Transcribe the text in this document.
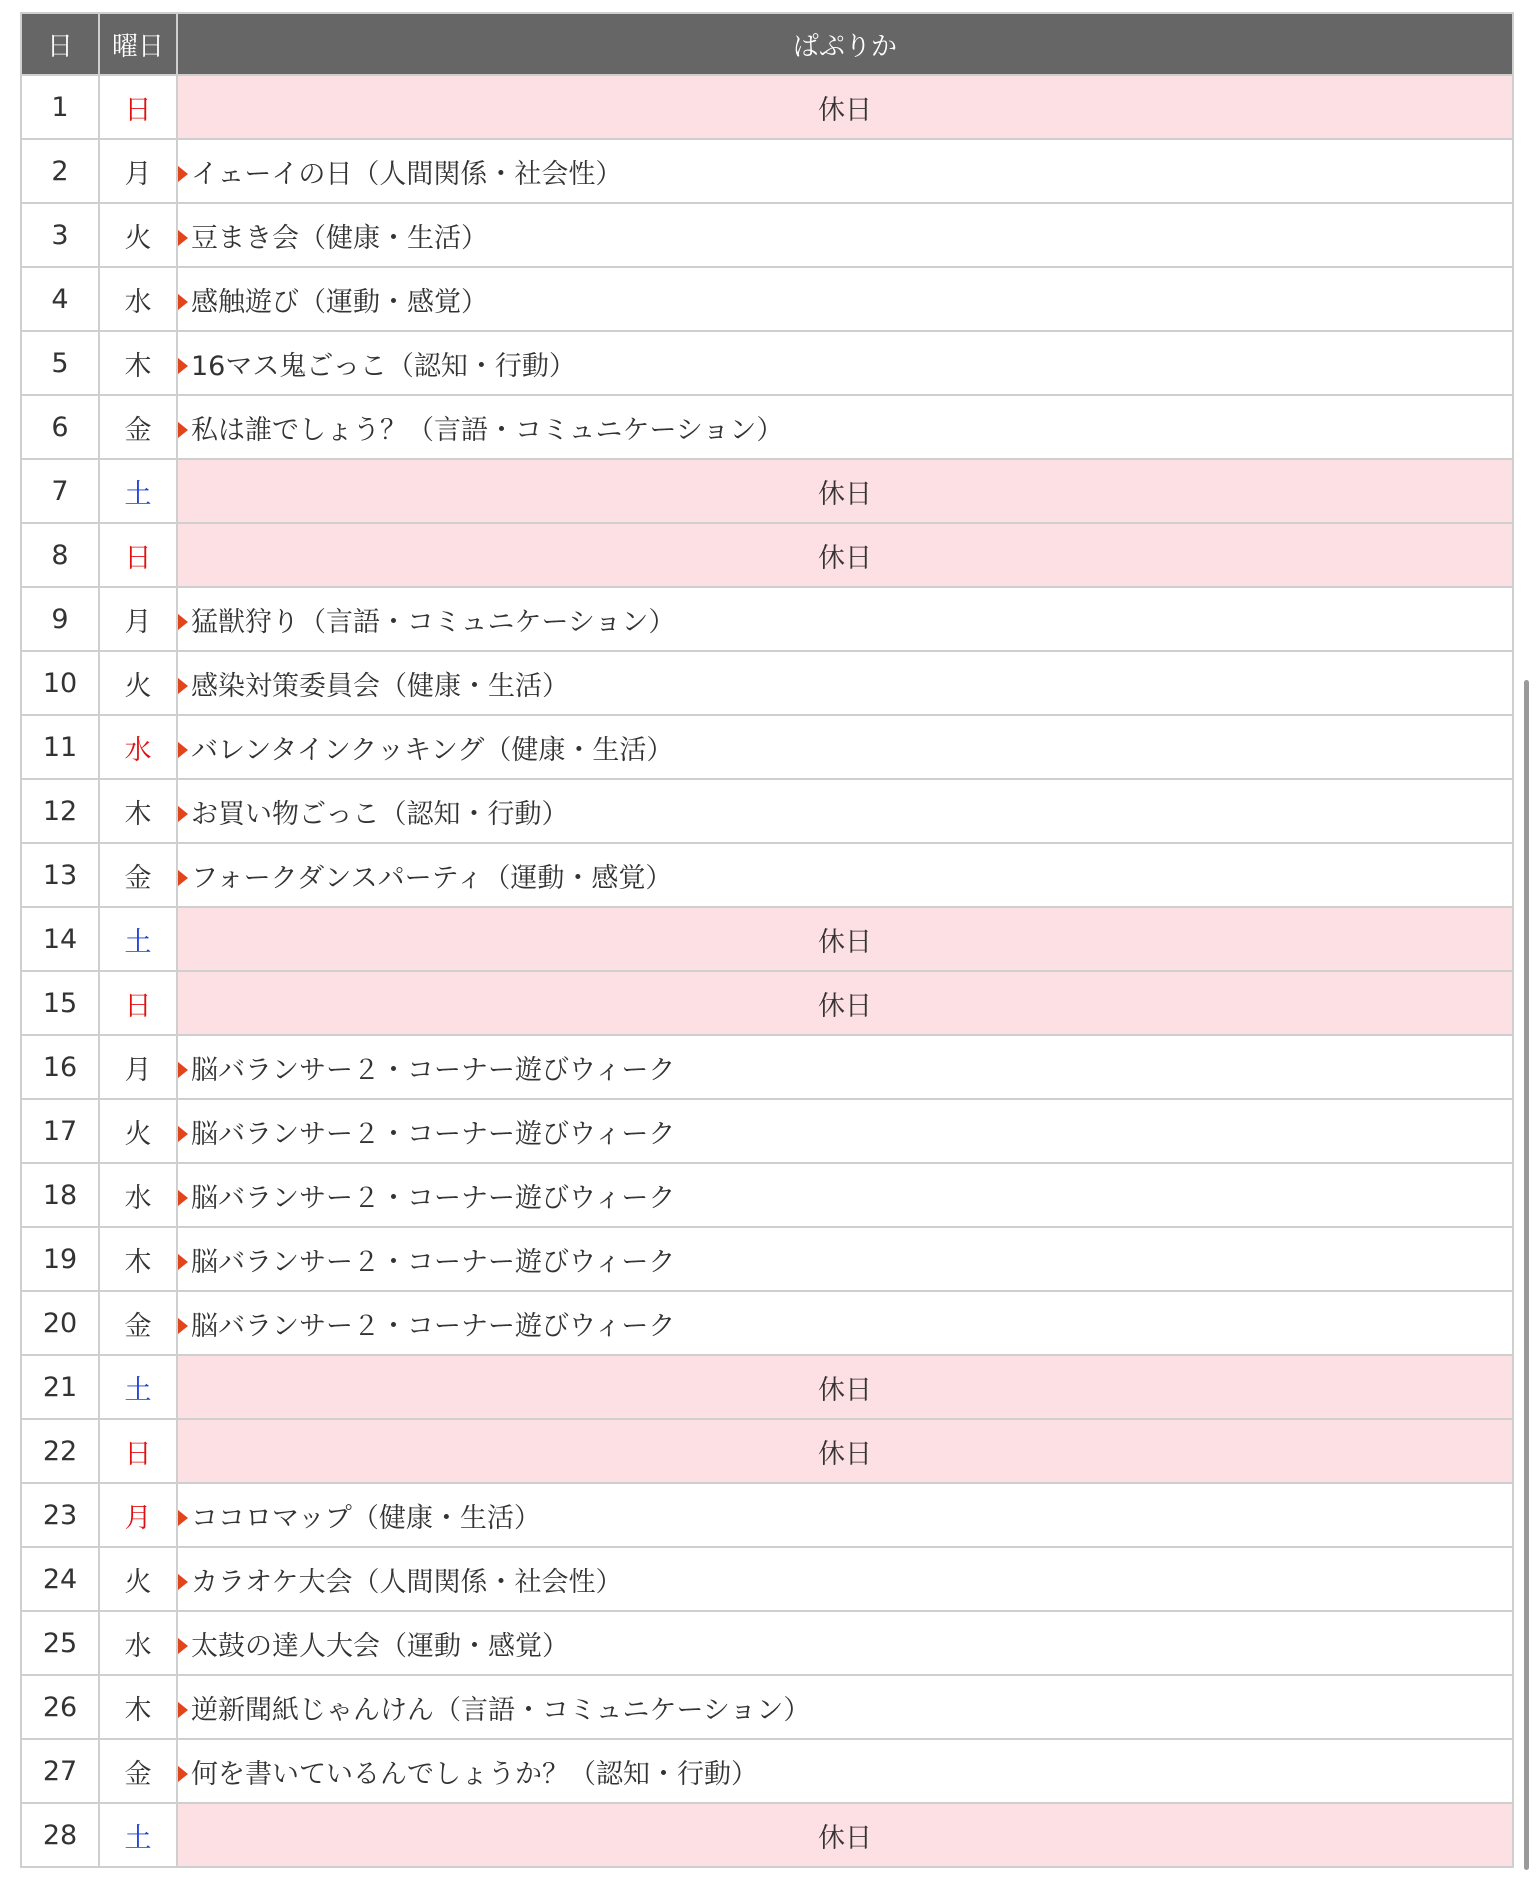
日	曜日	ぱぷりか
1	日	休日
2	月	イェーイの日（人間関係・社会性）
3	火	豆まき会（健康・生活）
4	水	感触遊び（運動・感覚）
5	木	16マス鬼ごっこ（認知・行動）
6	金	私は誰でしょう？（言語・コミュニケーション）
7	土	休日
8	日	休日
9	月	猛獣狩り（言語・コミュニケーション）
10	火	感染対策委員会（健康・生活）
11	水	バレンタインクッキング（健康・生活）
12	木	お買い物ごっこ（認知・行動）
13	金	フォークダンスパーティ（運動・感覚）
14	土	休日
15	日	休日
16	月	脳バランサー２・コーナー遊びウィーク
17	火	脳バランサー２・コーナー遊びウィーク
18	水	脳バランサー２・コーナー遊びウィーク
19	木	脳バランサー２・コーナー遊びウィーク
20	金	脳バランサー２・コーナー遊びウィーク
21	土	休日
22	日	休日
23	月	ココロマップ（健康・生活）
24	火	カラオケ大会（人間関係・社会性）
25	水	太鼓の達人大会（運動・感覚）
26	木	逆新聞紙じゃんけん（言語・コミュニケーション）
27	金	何を書いているんでしょうか？（認知・行動）
28	土	休日
